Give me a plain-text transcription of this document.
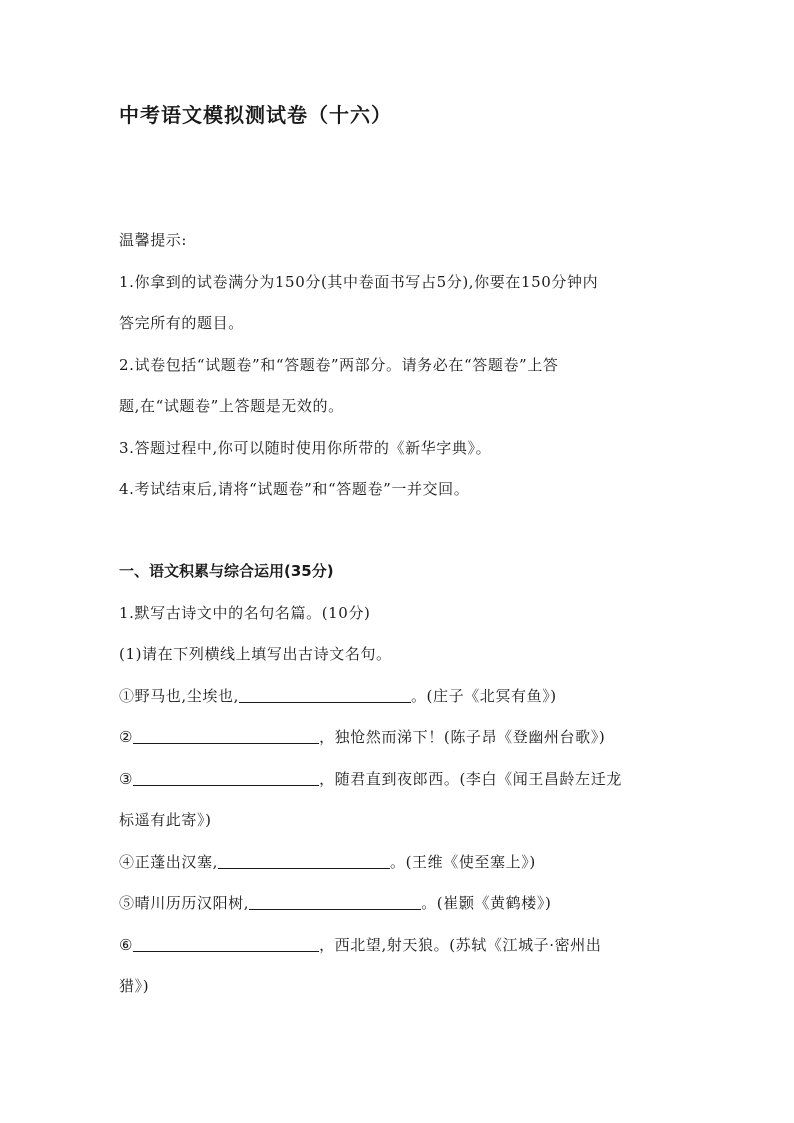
中考语文模拟测试卷（十六）
温馨提示:
1.你拿到的试卷满分为150分(其中卷面书写占5分),你要在150分钟内
答完所有的题目。
2.试卷包括“试题卷”和“答题卷”两部分。请务必在“答题卷”上答
题,在“试题卷”上答题是无效的。
3.答题过程中,你可以随时使用你所带的《新华字典》。
4.考试结束后,请将“试题卷”和“答题卷”一并交回。
一、语文积累与综合运用(35分)
1.默写古诗文中的名句名篇。(10分)
(1)请在下列横线上填写出古诗文名句。
①野马也,尘埃也,	。(庄子《北冥有鱼》)
②	，独怆然而涕下！(陈子昂《登幽州台歌》)
③	，随君直到夜郎西。(李白《闻王昌龄左迁龙
标遥有此寄》)
④正蓬出汉塞,	。(王维《使至塞上》)
⑤晴川历历汉阳树,	。(崔颢《黄鹤楼》)
⑥	，西北望,射天狼。(苏轼《江城子·密州出
猎》)
